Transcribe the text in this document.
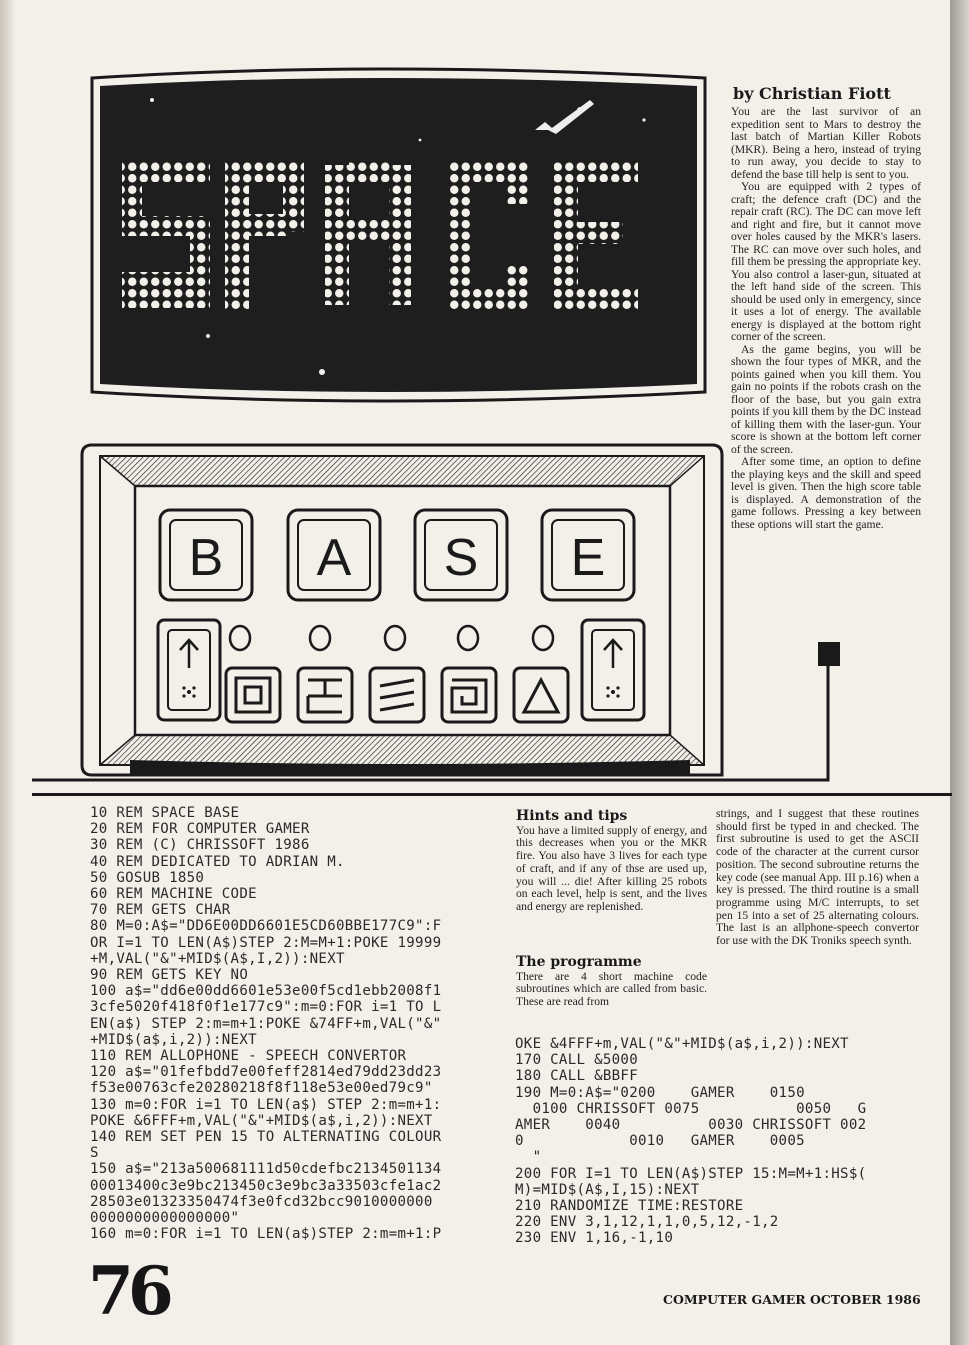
B A S E
by Christian Fiott

You are the last survivor of an expedition sent to Mars to destroy the last batch of Martian Killer Robots (MKR). Being a hero, instead of trying to run away, you decide to stay to defend the base till help is sent to you.

You are equipped with 2 types of craft; the defence craft (DC) and the repair craft (RC). The DC can move left and right and fire, but it cannot move over holes caused by the MKR's lasers. The RC can move over such holes, and fill them be pressing the appropriate key. You also control a laser-gun, situated at the left hand side of the screen. This should be used only in emergency, since it uses a lot of energy. The available energy is displayed at the bottom right corner of the screen.

As the game begins, you will be shown the four types of MKR, and the points gained when you kill them. You gain no points if the robots crash on the floor of the base, but you gain extra points if you kill them by the DC instead of killing them with the laser-gun. Your score is shown at the bottom left corner of the screen.

After some time, an option to define the playing keys and the skill and speed level is given. Then the high score table is displayed. A demonstration of the game follows. Pressing a key between these options will start the game.

10 REM SPACE BASE
20 REM FOR COMPUTER GAMER
30 REM (C) CHRISSOFT 1986
40 REM DEDICATED TO ADRIAN M.
50 GOSUB 1850
60 REM MACHINE CODE
70 REM GETS CHAR
80 M=0:A$="DD6E00DD6601E5CD60BBE177C9":F
OR I=1 TO LEN(A$)STEP 2:M=M+1:POKE 19999
+M,VAL("&"+MID$(A$,I,2)):NEXT
90 REM GETS KEY NO
100 a$="dd6e00dd6601e53e00f5cd1ebb2008f1
3cfe5020f418f0f1e177c9":m=0:FOR i=1 TO L
EN(a$) STEP 2:m=m+1:POKE &74FF+m,VAL("&"
+MID$(a$,i,2)):NEXT
110 REM ALLOPHONE - SPEECH CONVERTOR
120 a$="01fefbdd7e00feff2814ed79dd23dd23
f53e00763cfe20280218f8f118e53e00ed79c9"
130 m=0:FOR i=1 TO LEN(a$) STEP 2:m=m+1:
POKE &6FFF+m,VAL("&"+MID$(a$,i,2)):NEXT
140 REM SET PEN 15 TO ALTERNATING COLOUR
S
150 a$="213a500681111d50cdefbc2134501134
00013400c3e9bc213450c3e9bc3a33503cfe1ac2
28503e01323350474f3e0fcd32bcc9010000000
0000000000000000"
160 m=0:FOR i=1 TO LEN(a$)STEP 2:m=m+1:P
Hints and tips

You have a limited supply of energy, and this decreases when you or the MKR fire. You also have 3 lives for each type of craft, and if any of thse are used up, you will ... die! After killing 25 robots on each level, help is sent, and the lives and energy are replenished.

The programme

There are 4 short machine code subroutines which are called from basic. These are read from

strings, and I suggest that these routines should first be typed in and checked. The first subroutine is used to get the ASCII code of the character at the current cursor position. The second subroutine returns the key code (see manual App. III p.16) when a key is pressed. The third routine is a small programme using M/C interrupts, to set pen 15 into a set of 25 alternating colours. The last is an allphone-speech convertor for use with the DK Troniks speech synth.

OKE &4FFF+m,VAL("&"+MID$(a$,i,2)):NEXT
170 CALL &5000
180 CALL &BBFF
190 M=0:A$="0200    GAMER    0150
0100 CHRISSOFT 0075           0050   G
AMER    0040          0030 CHRISSOFT 002
0            0010   GAMER    0005
"
200 FOR I=1 TO LEN(A$)STEP 15:M=M+1:HS$(
M)=MID$(A$,I,15):NEXT
210 RANDOMIZE TIME:RESTORE
220 ENV 3,1,12,1,1,0,5,12,-1,2
230 ENV 1,16,-1,10
76	COMPUTER GAMER OCTOBER 1986
